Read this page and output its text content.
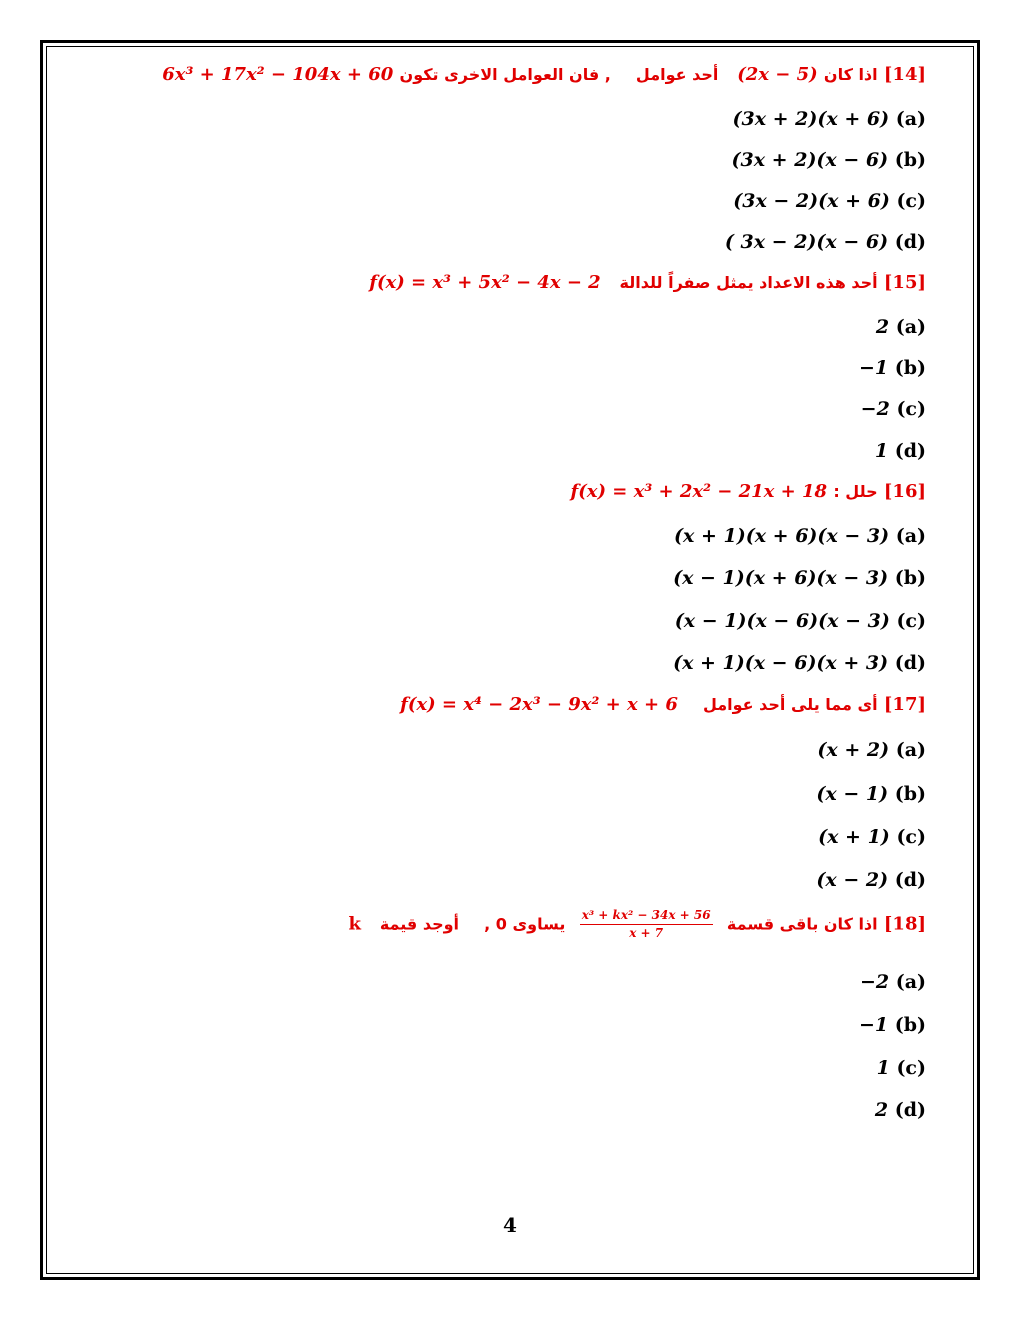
6x³ + 17x² − 104x + 60 , فان العوامل الاخرى تكون أحد عوامل (2x − 5) اذا كان [14]
(3x + 2)(x + 6) (a)
(3x + 2)(x − 6) (b)
(3x − 2)(x + 6) (c)
( 3x − 2)(x − 6) (d)
f(x) = x³ + 5x² − 4x − 2 أحد هذه الاعداد يمثل صفراً للدالة [15]
2 (a)
−1 (b)
−2 (c)
1 (d)
f(x) = x³ + 2x² − 21x + 18 حلل : [16]
(x + 1)(x + 6)(x − 3) (a)
(x − 1)(x + 6)(x − 3) (b)
(x − 1)(x − 6)(x − 3) (c)
(x + 1)(x − 6)(x + 3) (d)
f(x) = x⁴ − 2x³ − 9x² + x + 6 أى مما يلى أحد عوامل [17]
(x + 2) (a)
(x − 1) (b)
(x + 1) (c)
(x − 2) (d)
k أوجد قيمة يساوى 0 , $\frac{\text{x³ + kx² − 34x + 56}}{x + 7}$ اذا كان باقى قسمة [18]
−2 (a)
−1 (b)
1 (c)
2 (d)
4
